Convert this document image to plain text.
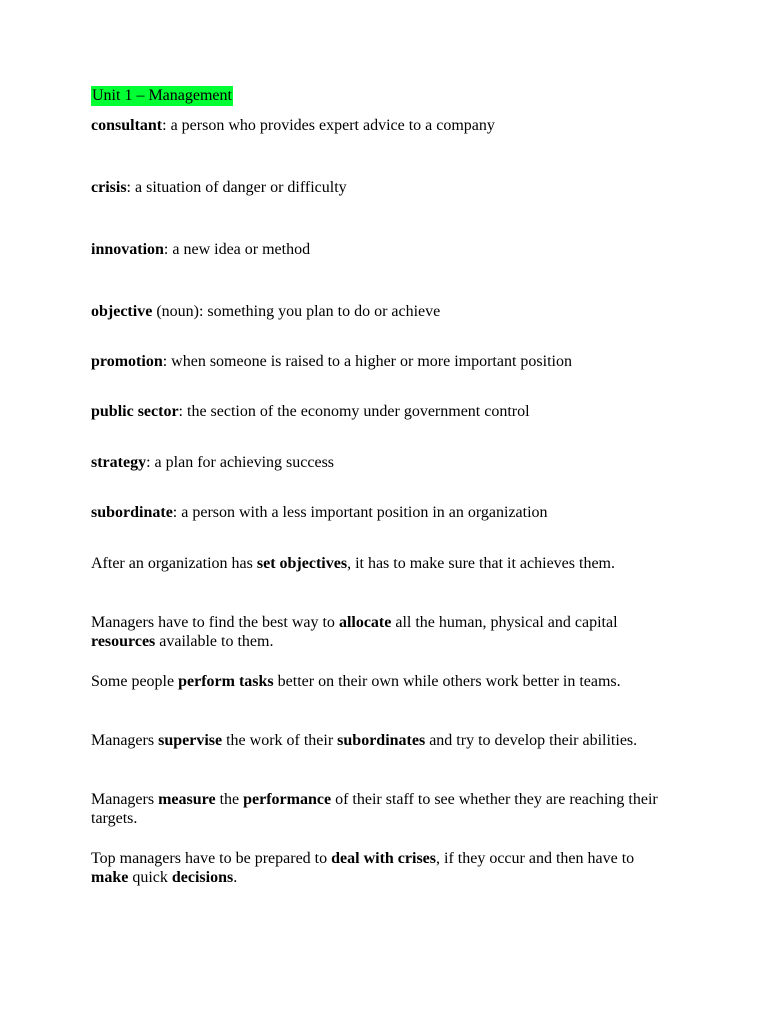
Unit 1 – Management
consultant: a person who provides expert advice to a company
crisis: a situation of danger or difficulty
innovation: a new idea or method
objective (noun): something you plan to do or achieve
promotion: when someone is raised to a higher or more important position
public sector: the section of the economy under government control
strategy: a plan for achieving success
subordinate: a person with a less important position in an organization
After an organization has set objectives, it has to make sure that it achieves them.
Managers have to find the best way to allocate all the human, physical and capital resources available to them.
Some people perform tasks better on their own while others work better in teams.
Managers supervise the work of their subordinates and try to develop their abilities.
Managers measure the performance of their staff to see whether they are reaching their targets.
Top managers have to be prepared to deal with crises, if they occur and then have to make quick decisions.
